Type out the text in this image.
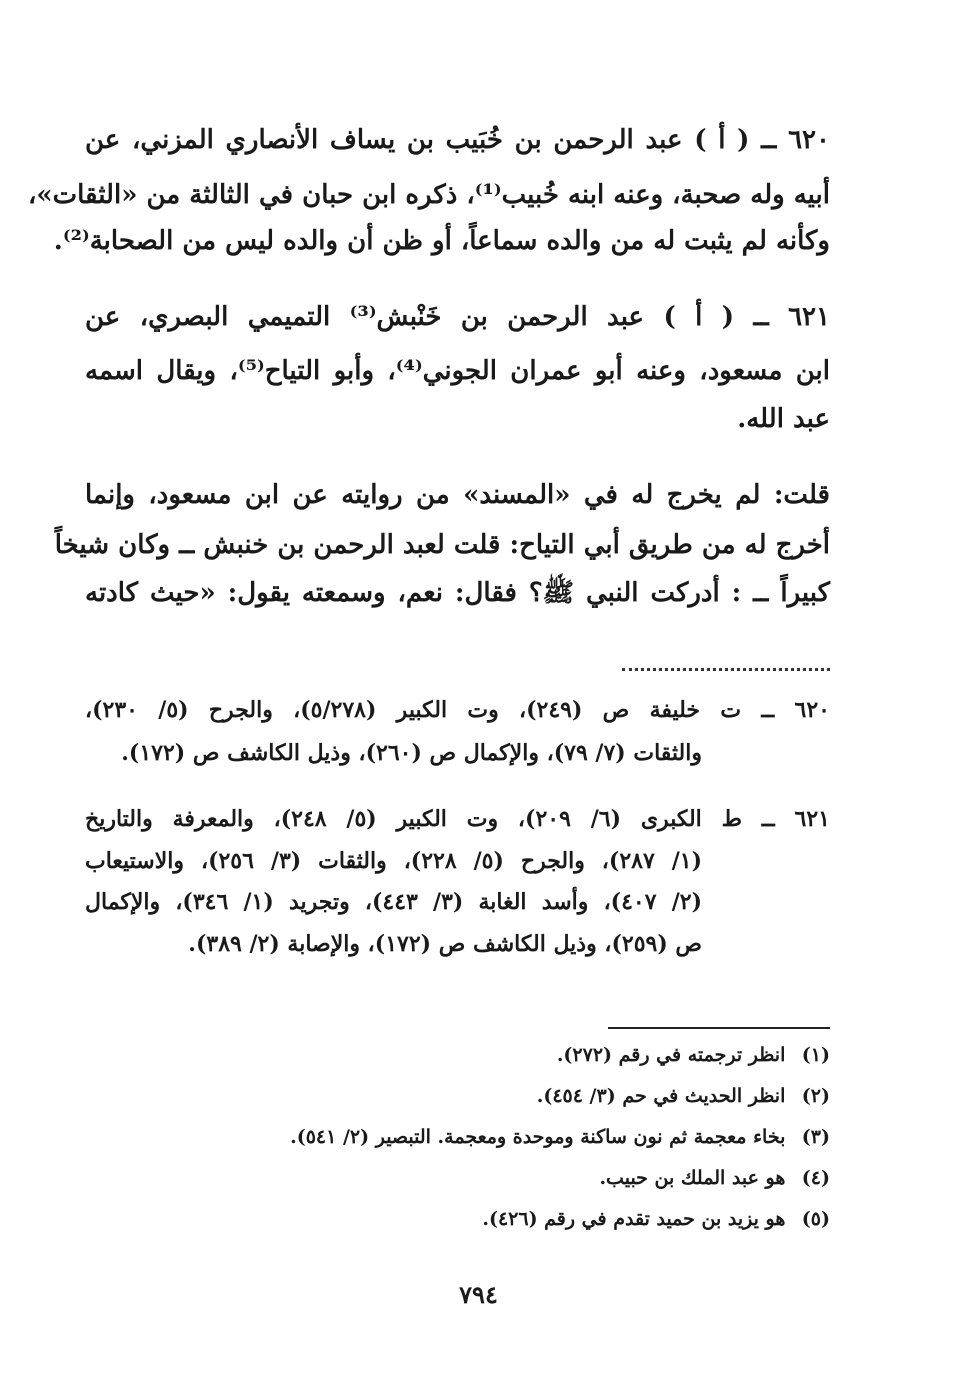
٦٢٠ ــ ( أ ) عبد الرحمن بن خُبَيب بن يساف الأنصاري المزني، عن
أبيه وله صحبة، وعنه ابنه خُبيب⁽¹⁾، ذكره ابن حبان في الثالثة من «الثقات»،
وكأنه لم يثبت له من والده سماعاً، أو ظن أن والده ليس من الصحابة⁽²⁾.
٦٢١ ــ ( أ ) عبد الرحمن بن خَنْبش⁽³⁾ التميمي البصري، عن
ابن مسعود، وعنه أبو عمران الجوني⁽⁴⁾، وأبو التياح⁽⁵⁾، ويقال اسمه
عبد الله.
قلت: لم يخرج له في «المسند» من روايته عن ابن مسعود، وإنما
أخرج له من طريق أبي التياح: قلت لعبد الرحمن بن خنبش ــ وكان شيخاً
كبيراً ــ : أدركت النبي ﷺ؟ فقال: نعم، وسمعته يقول: «حيث كادته
٦٢٠ ــ ت خليفة ص (٢٤٩)، وت الكبير (٥/٢٧٨)، والجرح (٥/ ٢٣٠)،
والثقات (٧/ ٧٩)، والإكمال ص (٢٦٠)، وذيل الكاشف ص (١٧٢).
٦٢١ ــ ط الكبرى (٦/ ٢٠٩)، وت الكبير (٥/ ٢٤٨)، والمعرفة والتاريخ
(١/ ٢٨٧)، والجرح (٥/ ٢٢٨)، والثقات (٣/ ٢٥٦)، والاستيعاب
(٢/ ٤٠٧)، وأسد الغابة (٣/ ٤٤٣)، وتجريد (١/ ٣٤٦)، والإكمال
ص (٢٥٩)، وذيل الكاشف ص (١٧٢)، والإصابة (٢/ ٣٨٩).
(١) انظر ترجمته في رقم (٢٧٢).
(٢) انظر الحديث في حم (٣/ ٤٥٤).
(٣) بخاء معجمة ثم نون ساكنة وموحدة ومعجمة. التبصير (٢/ ٥٤١).
(٤) هو عبد الملك بن حبيب.
(٥) هو يزيد بن حميد تقدم في رقم (٤٢٦).
٧٩٤
